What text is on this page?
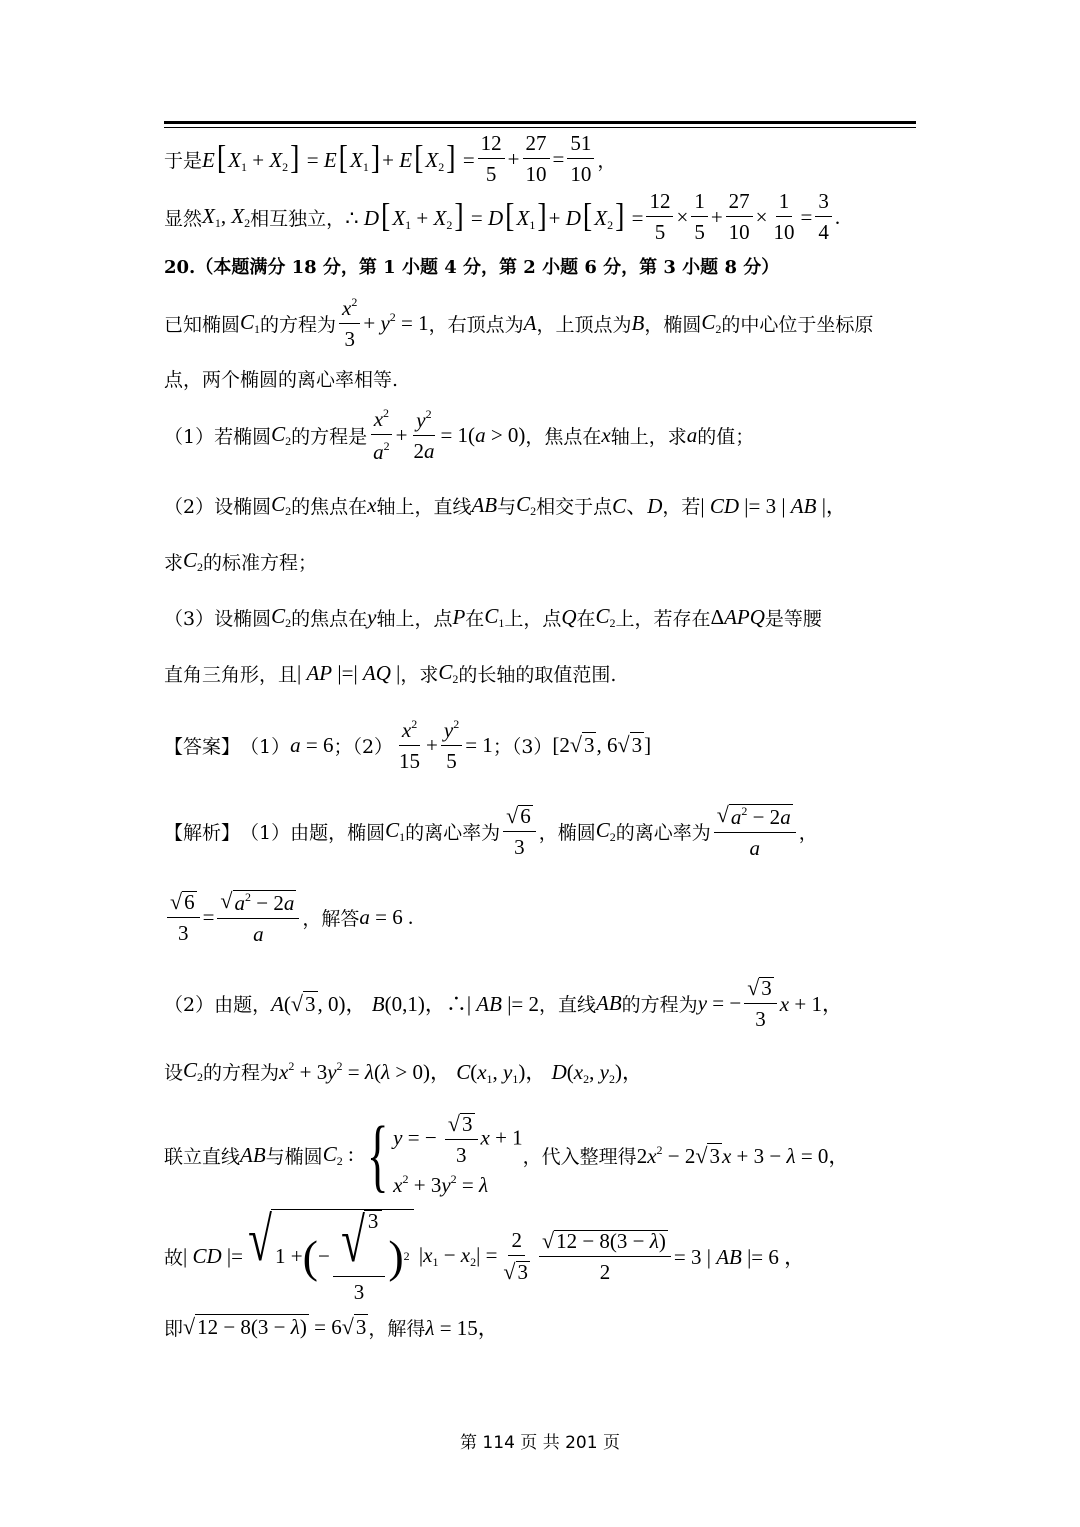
于是 $E[X_1 + X_2] = E[X_1]+ E[X_2] = \frac{12}{5} + \frac{27}{10} = \frac{51}{10}$ ，
显然 $X_1$, $X_2$ 相互独立， ∴ $D[X_1 + X_2] = D[X_1]+ D[X_2] = \frac{12}{5} \times \frac{1}{5} + \frac{27}{10} \times \frac{1}{10} = \frac{3}{4}$ .
20.（本题满分 18 分，第 1 小题 4 分，第 2 小题 6 分，第 3 小题 8 分）
已知椭圆 $C_1$ 的方程为 $\frac{x^2}{3} + y^2 = 1$ ，右顶点为 A ，上顶点为 B ，椭圆 $C_2$ 的中心位于坐标原
点，两个椭圆的离心率相等.
（1）若椭圆 $C_2$ 的方程是 $\frac{x^2}{a^2} + \frac{y^2}{2a} = 1(a > 0)$ ，焦点在 x 轴上，求 a 的值；
（2）设椭圆 $C_2$ 的焦点在 x 轴上，直线 AB 与 $C_2$ 相交于点 C、D ，若 | CD |= 3 | AB |，
求 $C_2$ 的标准方程；
（3）设椭圆 $C_2$ 的焦点在 y 轴上，点 P 在 $C_1$ 上，点 Q 在 $C_2$ 上，若存在 ΔAPQ 是等腰
直角三角形，且 | AP |=| AQ | ，求 $C_2$ 的长轴的取值范围.
【答案】 （1） a = 6 ；$(2) \frac{x^2}{15} + \frac{y^2}{5} = 1$ ；（3） [2 √ 3 , 6 √ 3 ]
【解析】 （1）由题，椭圆 $C_1$ 的离心率为 $\frac{√ 6}{3}$ ，椭圆 $C_2$ 的离心率为 $\frac{√ a^2 - 2a}{a}$ ，
$\frac{√ 6}{3} = \frac{√ a^2 - 2a}{a}$ ，解答 a = 6 .
（2）由题， A( √ 3 , 0)， B(0,1)，∴| AB |= 2 ，直线 AB 的方程为 y = − $\frac{√ 3}{3}$ x + 1，
设 $C_2$ 的方程为 $x^2 + 3y^2 = \lambda(\lambda > 0)$， $C(x_1$, $y_1$)， $D(x_2$, $y_2$)，
联立直线 AB 与椭圆 $C_2$ : { y = − $\frac{√ 3}{3}$ x + 1
$x^2 + 3y^2 = \lambda$
，代入整理得 $2x^2 - 2$ √ 3 x + 3 − λ = 0，
故 | CD |= √ 1 + ( − $\frac{√ 3}{3}$ ) 2 $|x_1 - x_2| = \frac{2}{√ 3} \frac{√ 12 - 8(3 - \lambda)}{2} = 3$ | AB |= 6 ，
即 √ 12 − 8(3 − λ) = 6 √ 3 ，解得 λ = 15，
第 114 页 共 201 页
